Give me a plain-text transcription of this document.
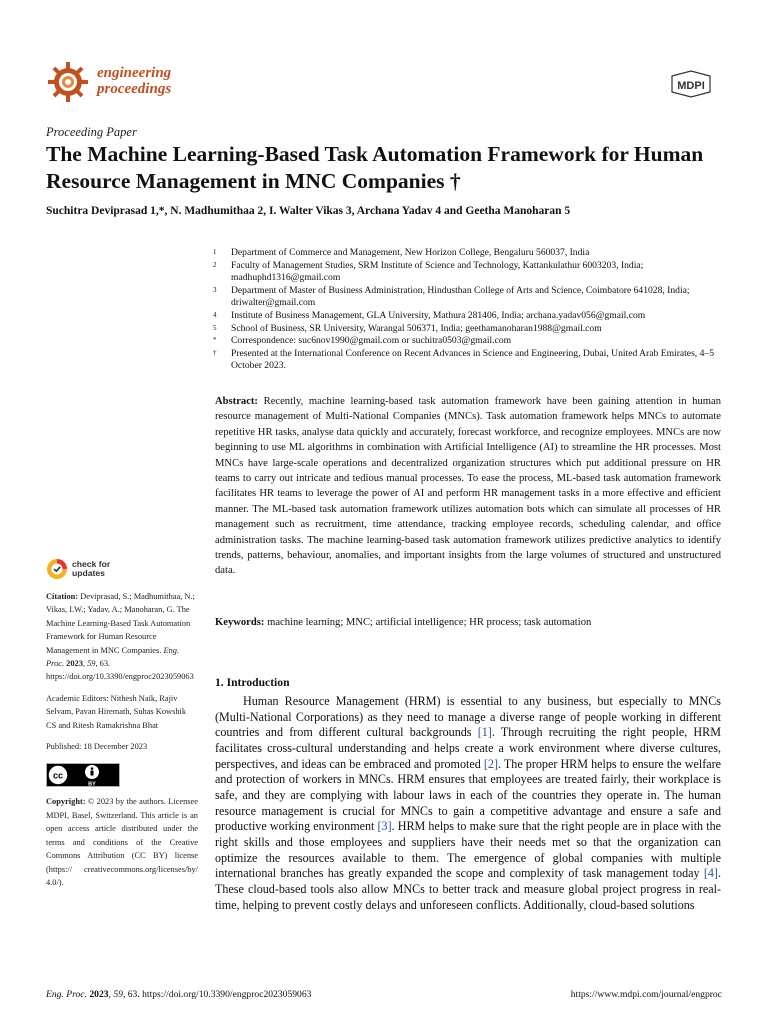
engineering
proceedings	MDPI
Proceeding Paper
The Machine Learning-Based Task Automation Framework for Human Resource Management in MNC Companies †
Suchitra Deviprasad 1,*, N. Madhumithaa 2, I. Walter Vikas 3, Archana Yadav 4 and Geetha Manoharan 5
1	Department of Commerce and Management, New Horizon College, Bengaluru 560037, India
2	Faculty of Management Studies, SRM Institute of Science and Technology, Kattankulathur 6003203, India; madhuphd1316@gmail.com
3	Department of Master of Business Administration, Hindusthan College of Arts and Science, Coimbatore 641028, India; driwalter@gmail.com
4	Institute of Business Management, GLA University, Mathura 281406, India; archana.yadav056@gmail.com
5	School of Business, SR University, Warangal 506371, India; geethamanoharan1988@gmail.com
*	Correspondence: suc6nov1990@gmail.com or suchitra0503@gmail.com
†	Presented at the International Conference on Recent Advances in Science and Engineering, Dubai, United Arab Emirates, 4–5 October 2023.
check for
updates
Citation: Deviprasad, S.; Madhumithaa, N.; Vikas, I.W.; Yadav, A.; Manoharan, G. The Machine Learning-Based Task Automation Framework for Human Resource Management in MNC Companies. Eng. Proc. 2023, 59, 63. https://doi.org/10.3390/engproc2023059063
Academic Editors: Nithesh Naik, Rajiv Selvam, Pavan Hiremath, Suhas Kowshik CS and Ritesh Ramakrishna Bhat
Published: 18 December 2023
cc
BY
Copyright: © 2023 by the authors. Licensee MDPI, Basel, Switzerland. This article is an open access article distributed under the terms and conditions of the Creative Commons Attribution (CC BY) license (https:// creativecommons.org/licenses/by/ 4.0/).
Abstract: Recently, machine learning-based task automation framework have been gaining attention in human resource management of Multi-National Companies (MNCs). Task automation framework helps MNCs to automate repetitive HR tasks, analyse data quickly and accurately, forecast workforce, and recognize employees. MNCs are now beginning to use ML algorithms in combination with Artificial Intelligence (AI) to streamline the HR processes. Most MNCs have large-scale operations and decentralized organization structures which put additional pressure on HR teams to carry out intricate and tedious manual processes. To ease the process, ML-based task automation framework facilitates HR teams to leverage the power of AI and perform HR management tasks in a more effective and efficient manner. The ML-based task automation framework utilizes automation bots which can simulate all processes of HR management such as recruitment, time attendance, tracking employee records, scheduling calendar, and office administration tasks. The machine learning-based task automation framework utilizes predictive analytics to identify trends, patterns, behaviour, anomalies, and important insights from the large volumes of structured and unstructured data.
Keywords: machine learning; MNC; artificial intelligence; HR process; task automation
1. Introduction
Human Resource Management (HRM) is essential to any business, but especially to MNCs (Multi-National Corporations) as they need to manage a diverse range of people working in different countries and from different cultural backgrounds [1]. Through recruiting the right people, HRM facilitates cross-cultural understanding and helps create a work environment where diverse cultures, perspectives, and ideas can be embraced and promoted [2]. The proper HRM helps to ensure the welfare and protection of workers in MNCs. HRM ensures that employees are treated fairly, their workplace is safe, and they are complying with labour laws in each of the countries they operate in. The human resource management is crucial for MNCs to gain a competitive advantage and ensure a safe and productive working environment [3]. HRM helps to make sure that the right people are in place with the right skills and those employees and suppliers have their needs met so that the organization can optimize the resources available to them. The emergence of global companies with multiple international branches has greatly expanded the scope and complexity of task management today [4]. These cloud-based tools also allow MNCs to better track and measure global project progress in real-time, helping to prevent costly delays and unforeseen conflicts. Additionally, cloud-based solutions
Eng. Proc. 2023, 59, 63. https://doi.org/10.3390/engproc2023059063	https://www.mdpi.com/journal/engproc
